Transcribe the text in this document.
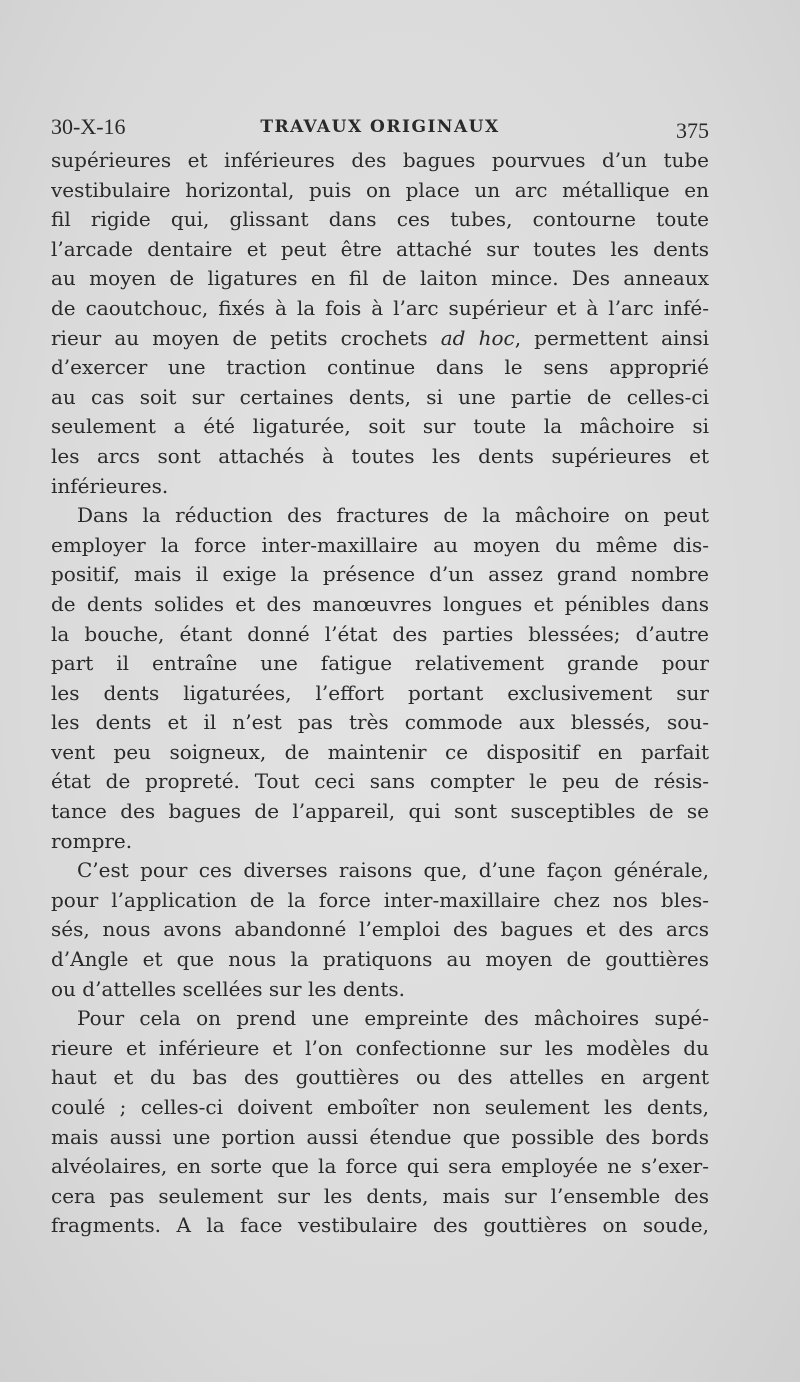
30-X-16	TRAVAUX ORIGINAUX	375

supérieures et inférieures des bagues pourvues d’un tube
vestibulaire horizontal, puis on place un arc métallique en
fil rigide qui, glissant dans ces tubes, contourne toute
l’arcade dentaire et peut être attaché sur toutes les dents
au moyen de ligatures en fil de laiton mince. Des anneaux
de caoutchouc, fixés à la fois à l’arc supérieur et à l’arc infé-
rieur au moyen de petits crochets ad hoc, permettent ainsi
d’exercer une traction continue dans le sens approprié
au cas soit sur certaines dents, si une partie de celles-ci
seulement a été ligaturée, soit sur toute la mâchoire si
les arcs sont attachés à toutes les dents supérieures et
inférieures.

Dans la réduction des fractures de la mâchoire on peut
employer la force inter-maxillaire au moyen du même dis-
positif, mais il exige la présence d’un assez grand nombre
de dents solides et des manœuvres longues et pénibles dans
la bouche, étant donné l’état des parties blessées; d’autre
part il entraîne une fatigue relativement grande pour
les dents ligaturées, l’effort portant exclusivement sur
les dents et il n’est pas très commode aux blessés, sou-
vent peu soigneux, de maintenir ce dispositif en parfait
état de propreté. Tout ceci sans compter le peu de résis-
tance des bagues de l’appareil, qui sont susceptibles de se
rompre.

C’est pour ces diverses raisons que, d’une façon générale,
pour l’application de la force inter-maxillaire chez nos bles-
sés, nous avons abandonné l’emploi des bagues et des arcs
d’Angle et que nous la pratiquons au moyen de gouttières
ou d’attelles scellées sur les dents.

Pour cela on prend une empreinte des mâchoires supé-
rieure et inférieure et l’on confectionne sur les modèles du
haut et du bas des gouttières ou des attelles en argent
coulé ; celles-ci doivent emboîter non seulement les dents,
mais aussi une portion aussi étendue que possible des bords
alvéolaires, en sorte que la force qui sera employée ne s’exer-
cera pas seulement sur les dents, mais sur l’ensemble des
fragments. A la face vestibulaire des gouttières on soude,
